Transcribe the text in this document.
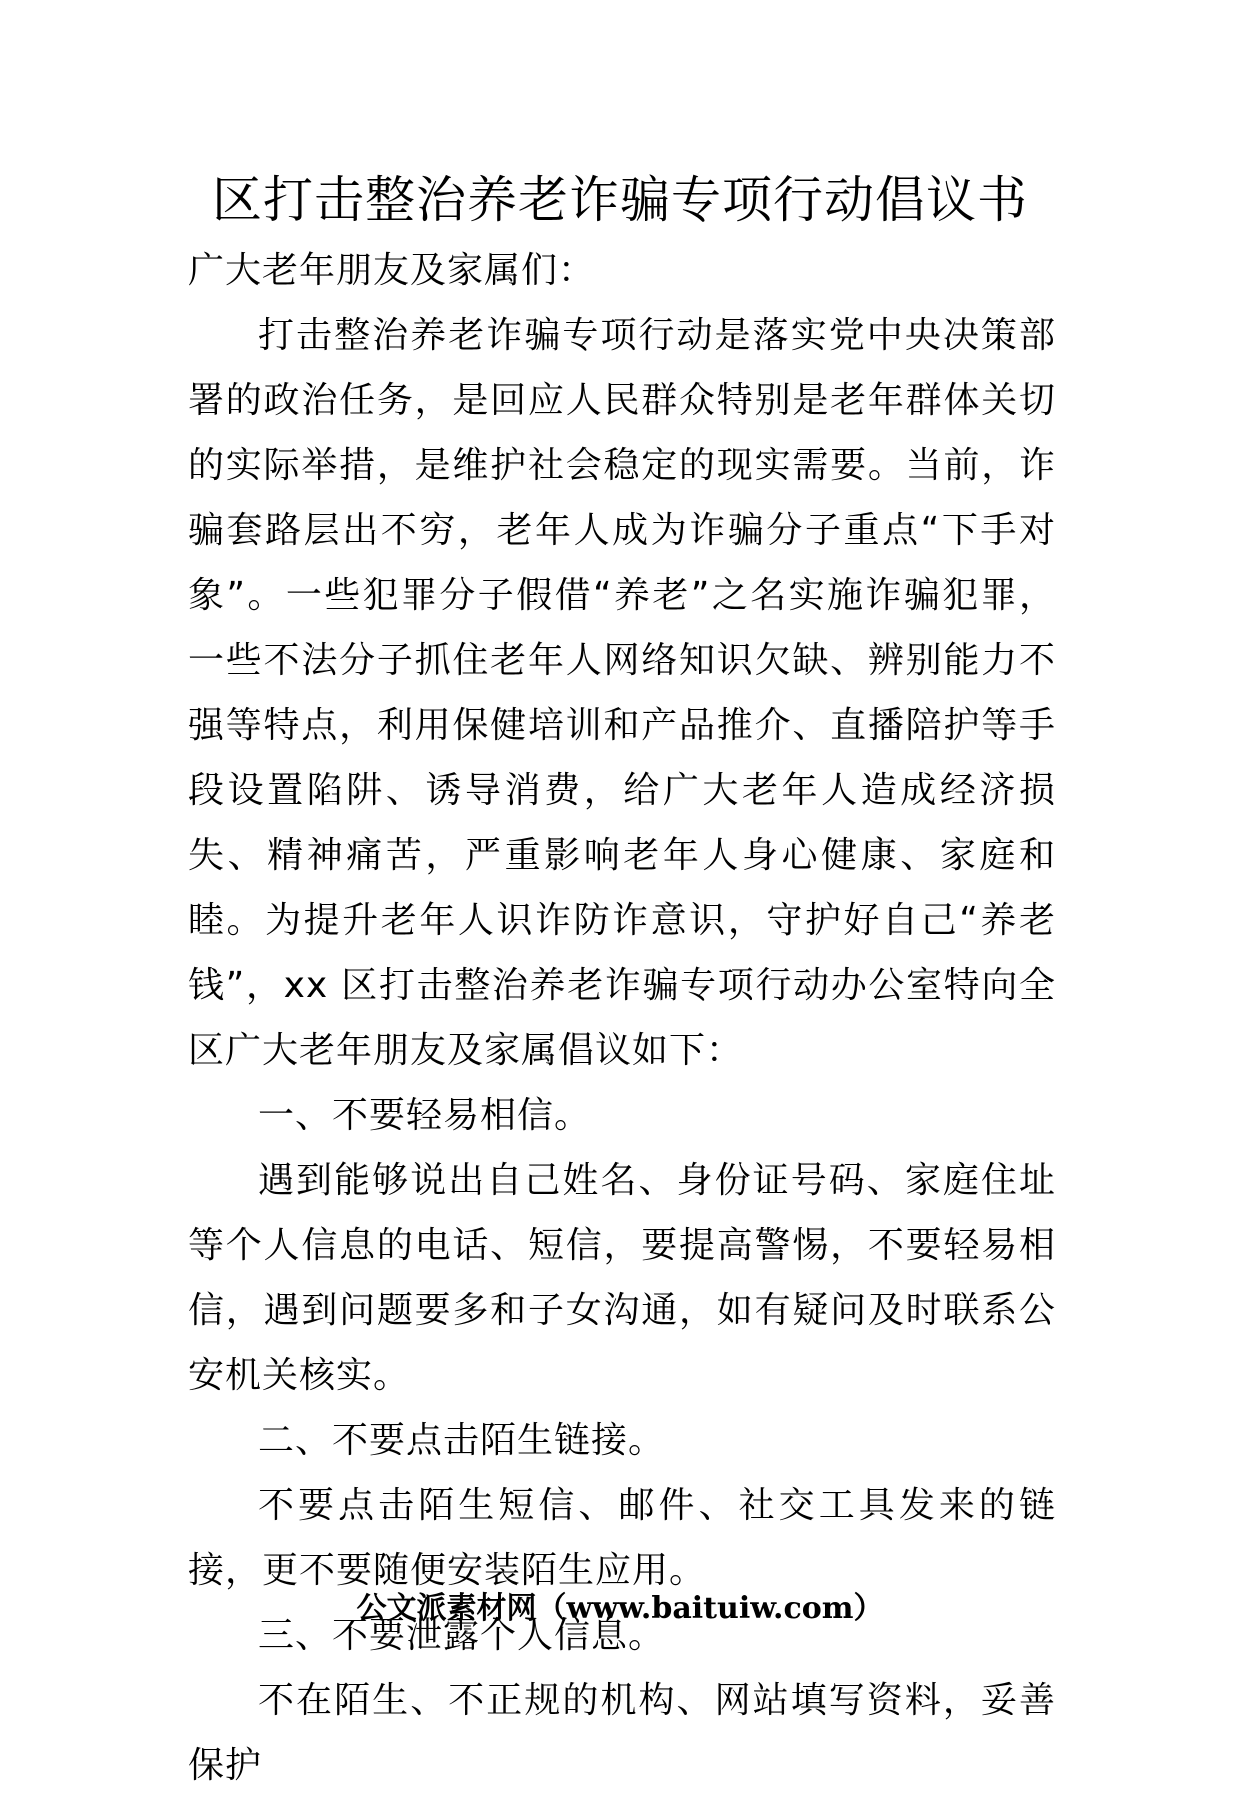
区打击整治养老诈骗专项行动倡议书

广大老年朋友及家属们：

打击整治养老诈骗专项行动是落实党中央决策部署的政治任务，是回应人民群众特别是老年群体关切的实际举措，是维护社会稳定的现实需要。当前，诈骗套路层出不穷，老年人成为诈骗分子重点“下手对象”。一些犯罪分子假借“养老”之名实施诈骗犯罪，一些不法分子抓住老年人网络知识欠缺、辨别能力不强等特点，利用保健培训和产品推介、直播陪护等手段设置陷阱、诱导消费，给广大老年人造成经济损失、精神痛苦，严重影响老年人身心健康、家庭和睦。为提升老年人识诈防诈意识，守护好自己“养老钱”，xx 区打击整治养老诈骗专项行动办公室特向全区广大老年朋友及家属倡议如下：

一、不要轻易相信。

遇到能够说出自己姓名、身份证号码、家庭住址等个人信息的电话、短信，要提高警惕，不要轻易相信，遇到问题要多和子女沟通，如有疑问及时联系公安机关核实。

二、不要点击陌生链接。

不要点击陌生短信、邮件、社交工具发来的链接，更不要随便安装陌生应用。

三、不要泄露个人信息。

不在陌生、不正规的机构、网站填写资料，妥善保护

公文派素材网（www.baituiw.com）
